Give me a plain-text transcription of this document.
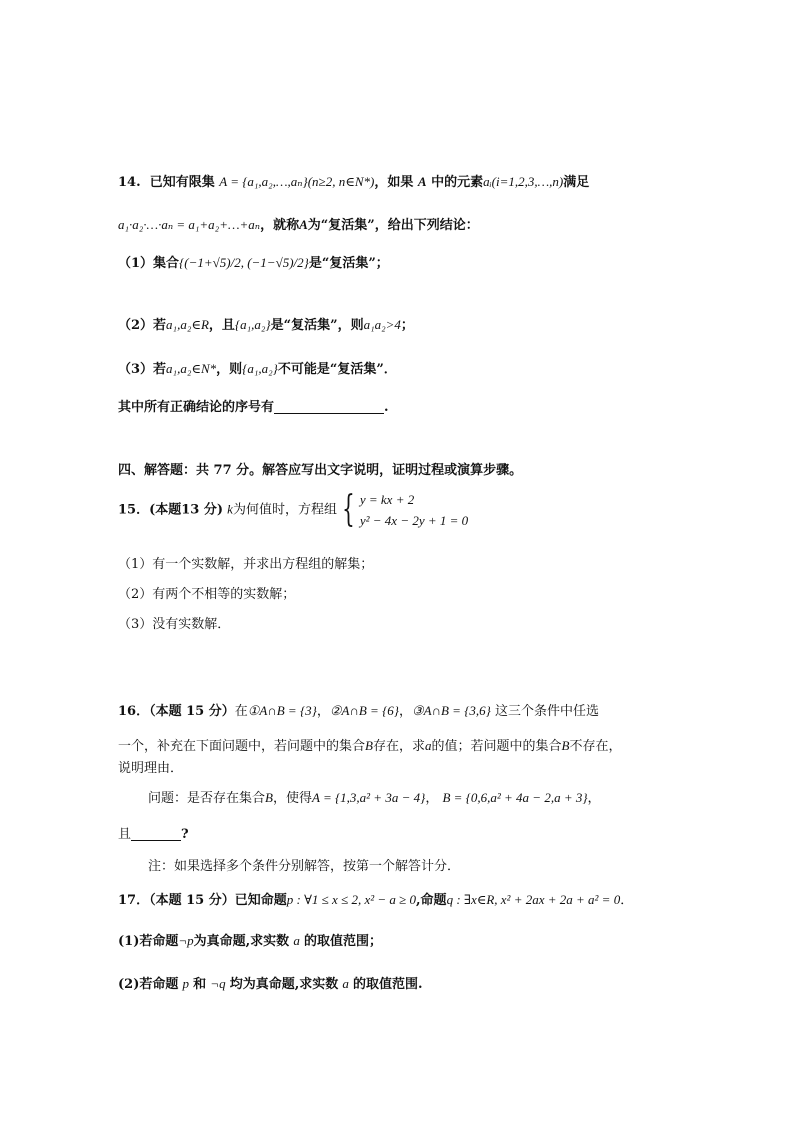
14. 已知有限集 A = {a₁,a₂,…,aₙ}(n≥2, n∈N*)，如果 A 中的元素aᵢ(i=1,2,3,…,n)满足
a₁·a₂·…·aₙ = a₁+a₂+…+aₙ，就称A为“复活集”，给出下列结论：
（1）集合{(−1+√5)/2, (−1−√5)/2}是“复活集”；
（2）若a₁,a₂∈R，且{a₁,a₂}是“复活集”，则a₁a₂>4；
（3）若a₁,a₂∈N*，则{a₁,a₂}不可能是“复活集”．
其中所有正确结论的序号有	.
四、解答题：共 77 分。解答应写出文字说明，证明过程或演算步骤。
15．(本题13 分) k为何值时，方程组 { y = kx + 2
y² − 4x − 2y + 1 = 0
（1）有一个实数解，并求出方程组的解集；
（2）有两个不相等的实数解；
（3）没有实数解．
16．（本题 15 分）在①A∩B = {3}，②A∩B = {6}，③A∩B = {3,6} 这三个条件中任选
一个，补充在下面问题中，若问题中的集合B存在，求a的值；若问题中的集合B不存在，
说明理由．
问题：是否存在集合B，使得A = {1,3,a² + 3a − 4}， B = {0,6,a² + 4a − 2,a + 3}，
且	?
注：如果选择多个条件分别解答，按第一个解答计分．
17．（本题 15 分）已知命题p : ∀1 ≤ x ≤ 2, x² − a ≥ 0,命题q : ∃x∈R, x² + 2ax + 2a + a² = 0．
(1)若命题¬p为真命题,求实数 a 的取值范围；
(2)若命题 p 和 ¬q 均为真命题,求实数 a 的取值范围.
